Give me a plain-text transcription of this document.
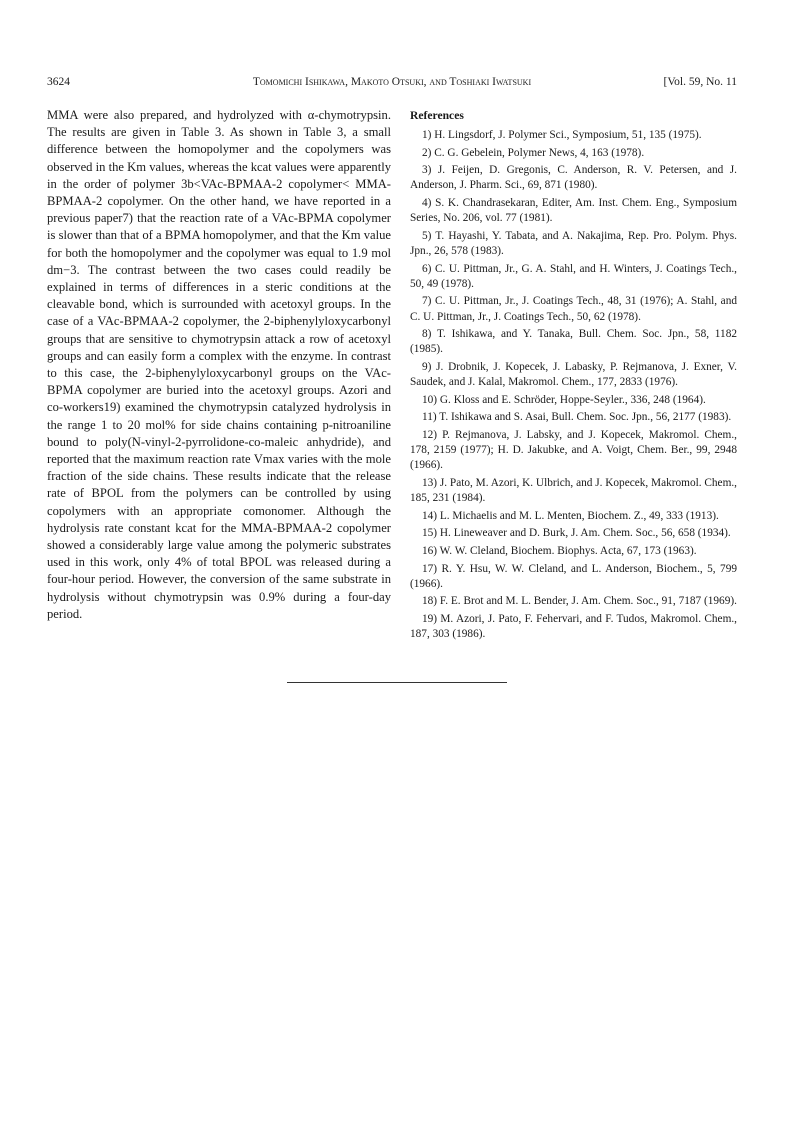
3624	Tomomichi Ishikawa, Makoto Otsuki, and Toshiaki Iwatsuki	[Vol. 59, No. 11

MMA were also prepared, and hydrolyzed with α-chymotrypsin. The results are given in Table 3. As shown in Table 3, a small difference between the homopolymer and the copolymers was observed in the Km values, whereas the kcat values were apparently in the order of polymer 3b<VAc-BPMAA-2 copolymer< MMA-BPMAA-2 copolymer. On the other hand, we have reported in a previous paper7) that the reaction rate of a VAc-BPMA copolymer is slower than that of a BPMA homopolymer, and that the Km value for both the homopolymer and the copolymer was equal to 1.9 mol dm−3. The contrast between the two cases could readily be explained in terms of differences in a steric conditions at the cleavable bond, which is surrounded with acetoxyl groups. In the case of a VAc-BPMAA-2 copolymer, the 2-biphenylyloxycarbonyl groups that are sensitive to chymotrypsin attack a row of acetoxyl groups and can easily form a complex with the enzyme. In contrast to this case, the 2-biphenylyloxycarbonyl groups on the VAc-BPMA copolymer are buried into the acetoxyl groups. Azori and co-workers19) examined the chymotrypsin catalyzed hydrolysis in the range 1 to 20 mol% for side chains containing p-nitroaniline bound to poly(N-vinyl-2-pyrrolidone-co-maleic anhydride), and reported that the maximum reaction rate Vmax varies with the mole fraction of the side chains. These results indicate that the release rate of BPOL from the polymers can be controlled by using copolymers with an appropriate comonomer. Although the hydrolysis rate constant kcat for the MMA-BPMAA-2 copolymer showed a considerably large value among the polymeric substrates used in this work, only 4% of total BPOL was released during a four-hour period. However, the conversion of the same substrate in hydrolysis without chymotrypsin was 0.9% during a four-day period.

References
1) H. Lingsdorf, J. Polymer Sci., Symposium, 51, 135 (1975).
2) C. G. Gebelein, Polymer News, 4, 163 (1978).
3) J. Feijen, D. Gregonis, C. Anderson, R. V. Petersen, and J. Anderson, J. Pharm. Sci., 69, 871 (1980).
4) S. K. Chandrasekaran, Editer, Am. Inst. Chem. Eng., Symposium Series, No. 206, vol. 77 (1981).
5) T. Hayashi, Y. Tabata, and A. Nakajima, Rep. Pro. Polym. Phys. Jpn., 26, 578 (1983).
6) C. U. Pittman, Jr., G. A. Stahl, and H. Winters, J. Coatings Tech., 50, 49 (1978).
7) C. U. Pittman, Jr., J. Coatings Tech., 48, 31 (1976); A. Stahl, and C. U. Pittman, Jr., J. Coatings Tech., 50, 62 (1978).
8) T. Ishikawa, and Y. Tanaka, Bull. Chem. Soc. Jpn., 58, 1182 (1985).
9) J. Drobnik, J. Kopecek, J. Labasky, P. Rejmanova, J. Exner, V. Saudek, and J. Kalal, Makromol. Chem., 177, 2833 (1976).
10) G. Kloss and E. Schröder, Hoppe-Seyler., 336, 248 (1964).
11) T. Ishikawa and S. Asai, Bull. Chem. Soc. Jpn., 56, 2177 (1983).
12) P. Rejmanova, J. Labsky, and J. Kopecek, Makromol. Chem., 178, 2159 (1977); H. D. Jakubke, and A. Voigt, Chem. Ber., 99, 2948 (1966).
13) J. Pato, M. Azori, K. Ulbrich, and J. Kopecek, Makromol. Chem., 185, 231 (1984).
14) L. Michaelis and M. L. Menten, Biochem. Z., 49, 333 (1913).
15) H. Lineweaver and D. Burk, J. Am. Chem. Soc., 56, 658 (1934).
16) W. W. Cleland, Biochem. Biophys. Acta, 67, 173 (1963).
17) R. Y. Hsu, W. W. Cleland, and L. Anderson, Biochem., 5, 799 (1966).
18) F. E. Brot and M. L. Bender, J. Am. Chem. Soc., 91, 7187 (1969).
19) M. Azori, J. Pato, F. Fehervari, and F. Tudos, Makromol. Chem., 187, 303 (1986).
